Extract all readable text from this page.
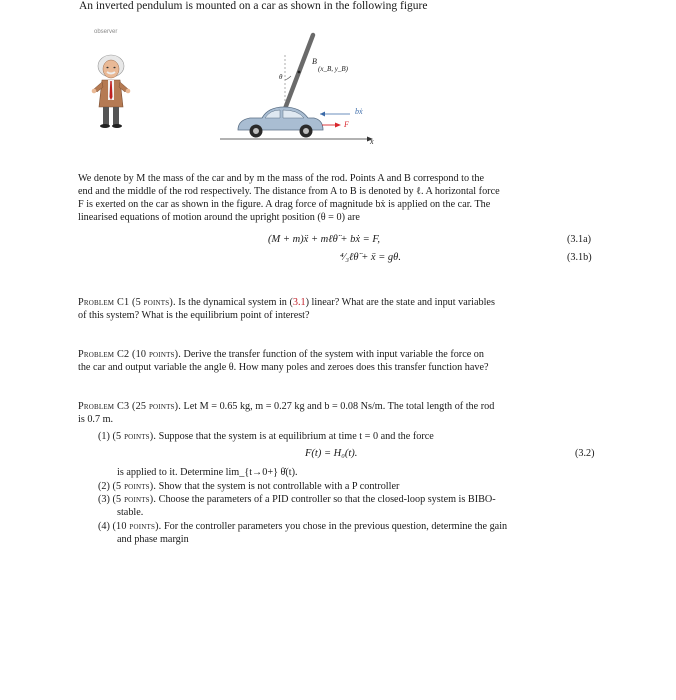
An inverted pendulum is mounted on a car as shown in the following figure
observer
B
θ
(x_B, y_B)
bẋ
F
x
We denote by M the mass of the car and by m the mass of the rod. Points A and B correspond to the
end and the middle of the rod respectively. The distance from A to B is denoted by ℓ. A horizontal force
F is exerted on the car as shown in the figure. A drag force of magnitude bẋ is applied on the car. The
linearised equations of motion around the upright position (θ = 0) are
(M + m)ẍ + mℓθ̈ + bẋ = F,	(3.1a)
⁴⁄₃ℓθ̈ + ẍ = gθ.	(3.1b)
Problem C1 (5 points). Is the dynamical system in (3.1) linear? What are the state and input variables
of this system? What is the equilibrium point of interest?
Problem C2 (10 points). Derive the transfer function of the system with input variable the force on
the car and output variable the angle θ. How many poles and zeroes does this transfer function have?
Problem C3 (25 points). Let M = 0.65 kg, m = 0.27 kg and b = 0.08 Ns/m. The total length of the rod
is 0.7 m.
(1) (5 points). Suppose that the system is at equilibrium at time t = 0 and the force
F(t) = H₀(t).	(3.2)
is applied to it. Determine lim_{t→0+} θ̇(t).
(2) (5 points). Show that the system is not controllable with a P controller
(3) (5 points). Choose the parameters of a PID controller so that the closed-loop system is BIBO-
stable.
(4) (10 points). For the controller parameters you chose in the previous question, determine the gain
and phase margin
